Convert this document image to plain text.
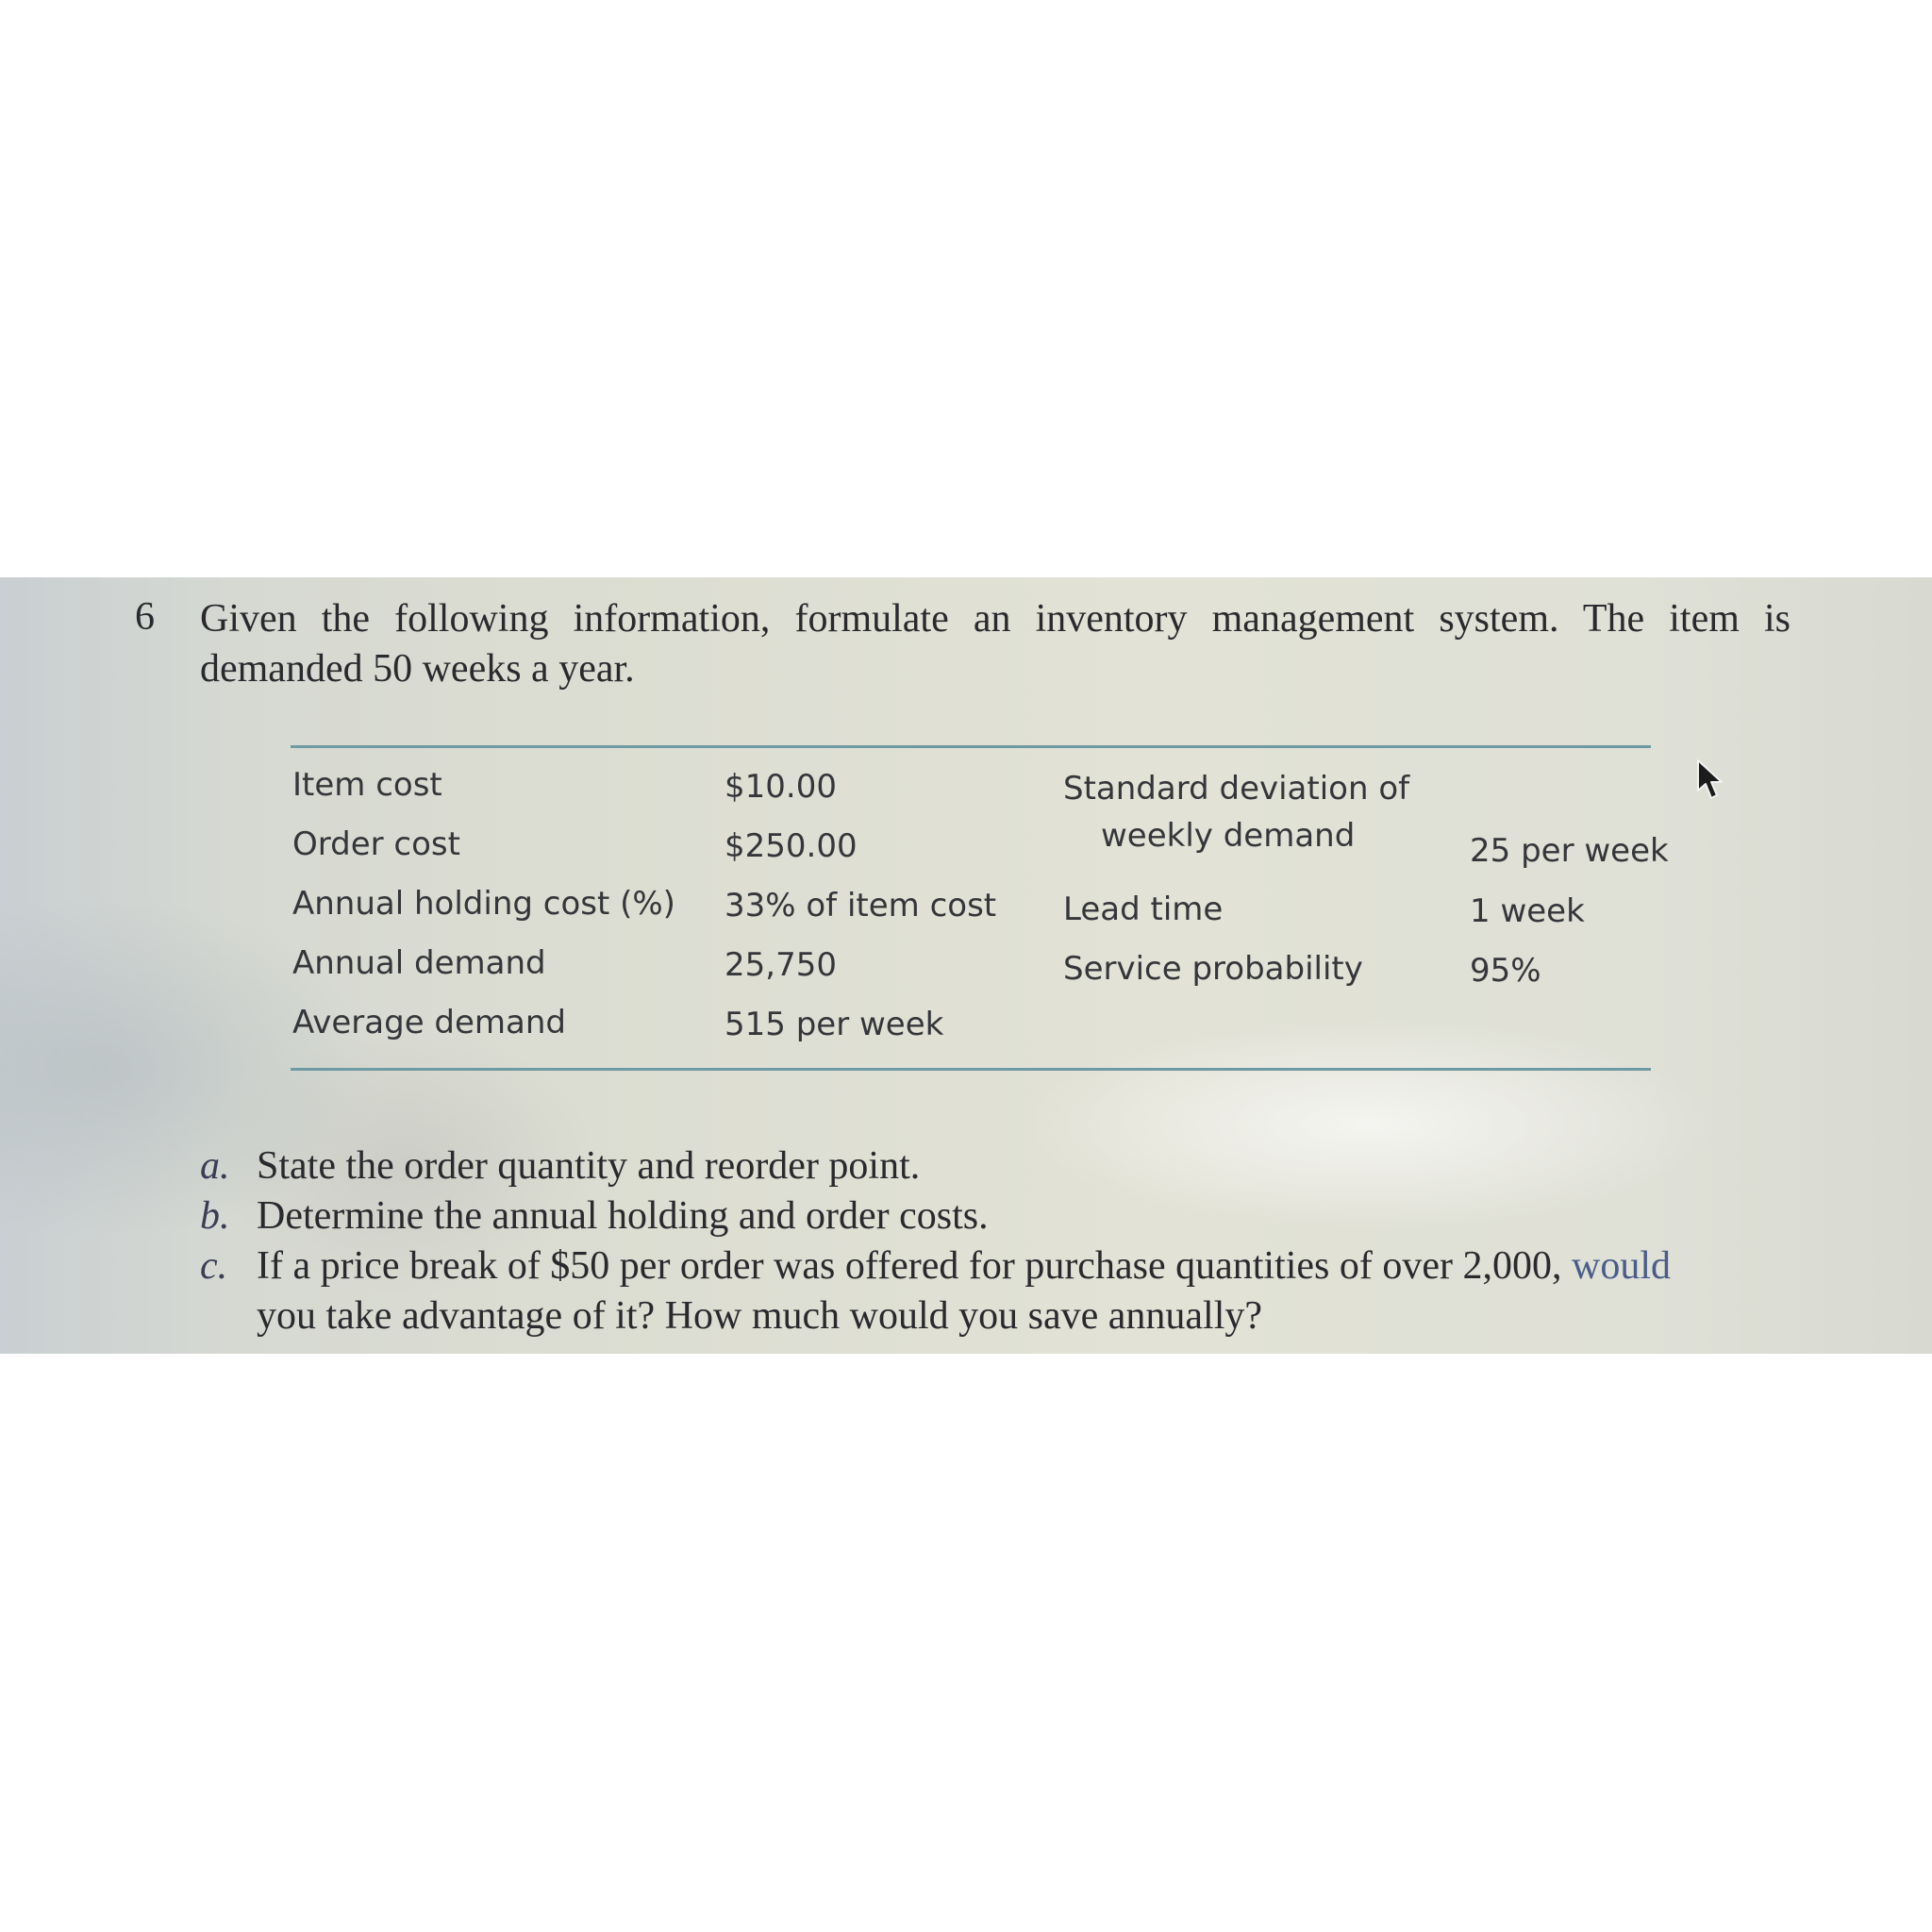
6 Given the following information, formulate an inventory management system. The item is demanded 50 weeks a year.
Item cost
Order cost
Annual holding cost (%)
Annual demand
Average demand
$10.00
$250.00
33% of item cost
25,750
515 per week
Standard deviation of
weekly demand
Lead time
Service probability
25 per week
1 week
95%
a. State the order quantity and reorder point.
b. Determine the annual holding and order costs.
c. If a price break of $50 per order was offered for purchase quantities of over 2,000, would
you take advantage of it? How much would you save annually?
